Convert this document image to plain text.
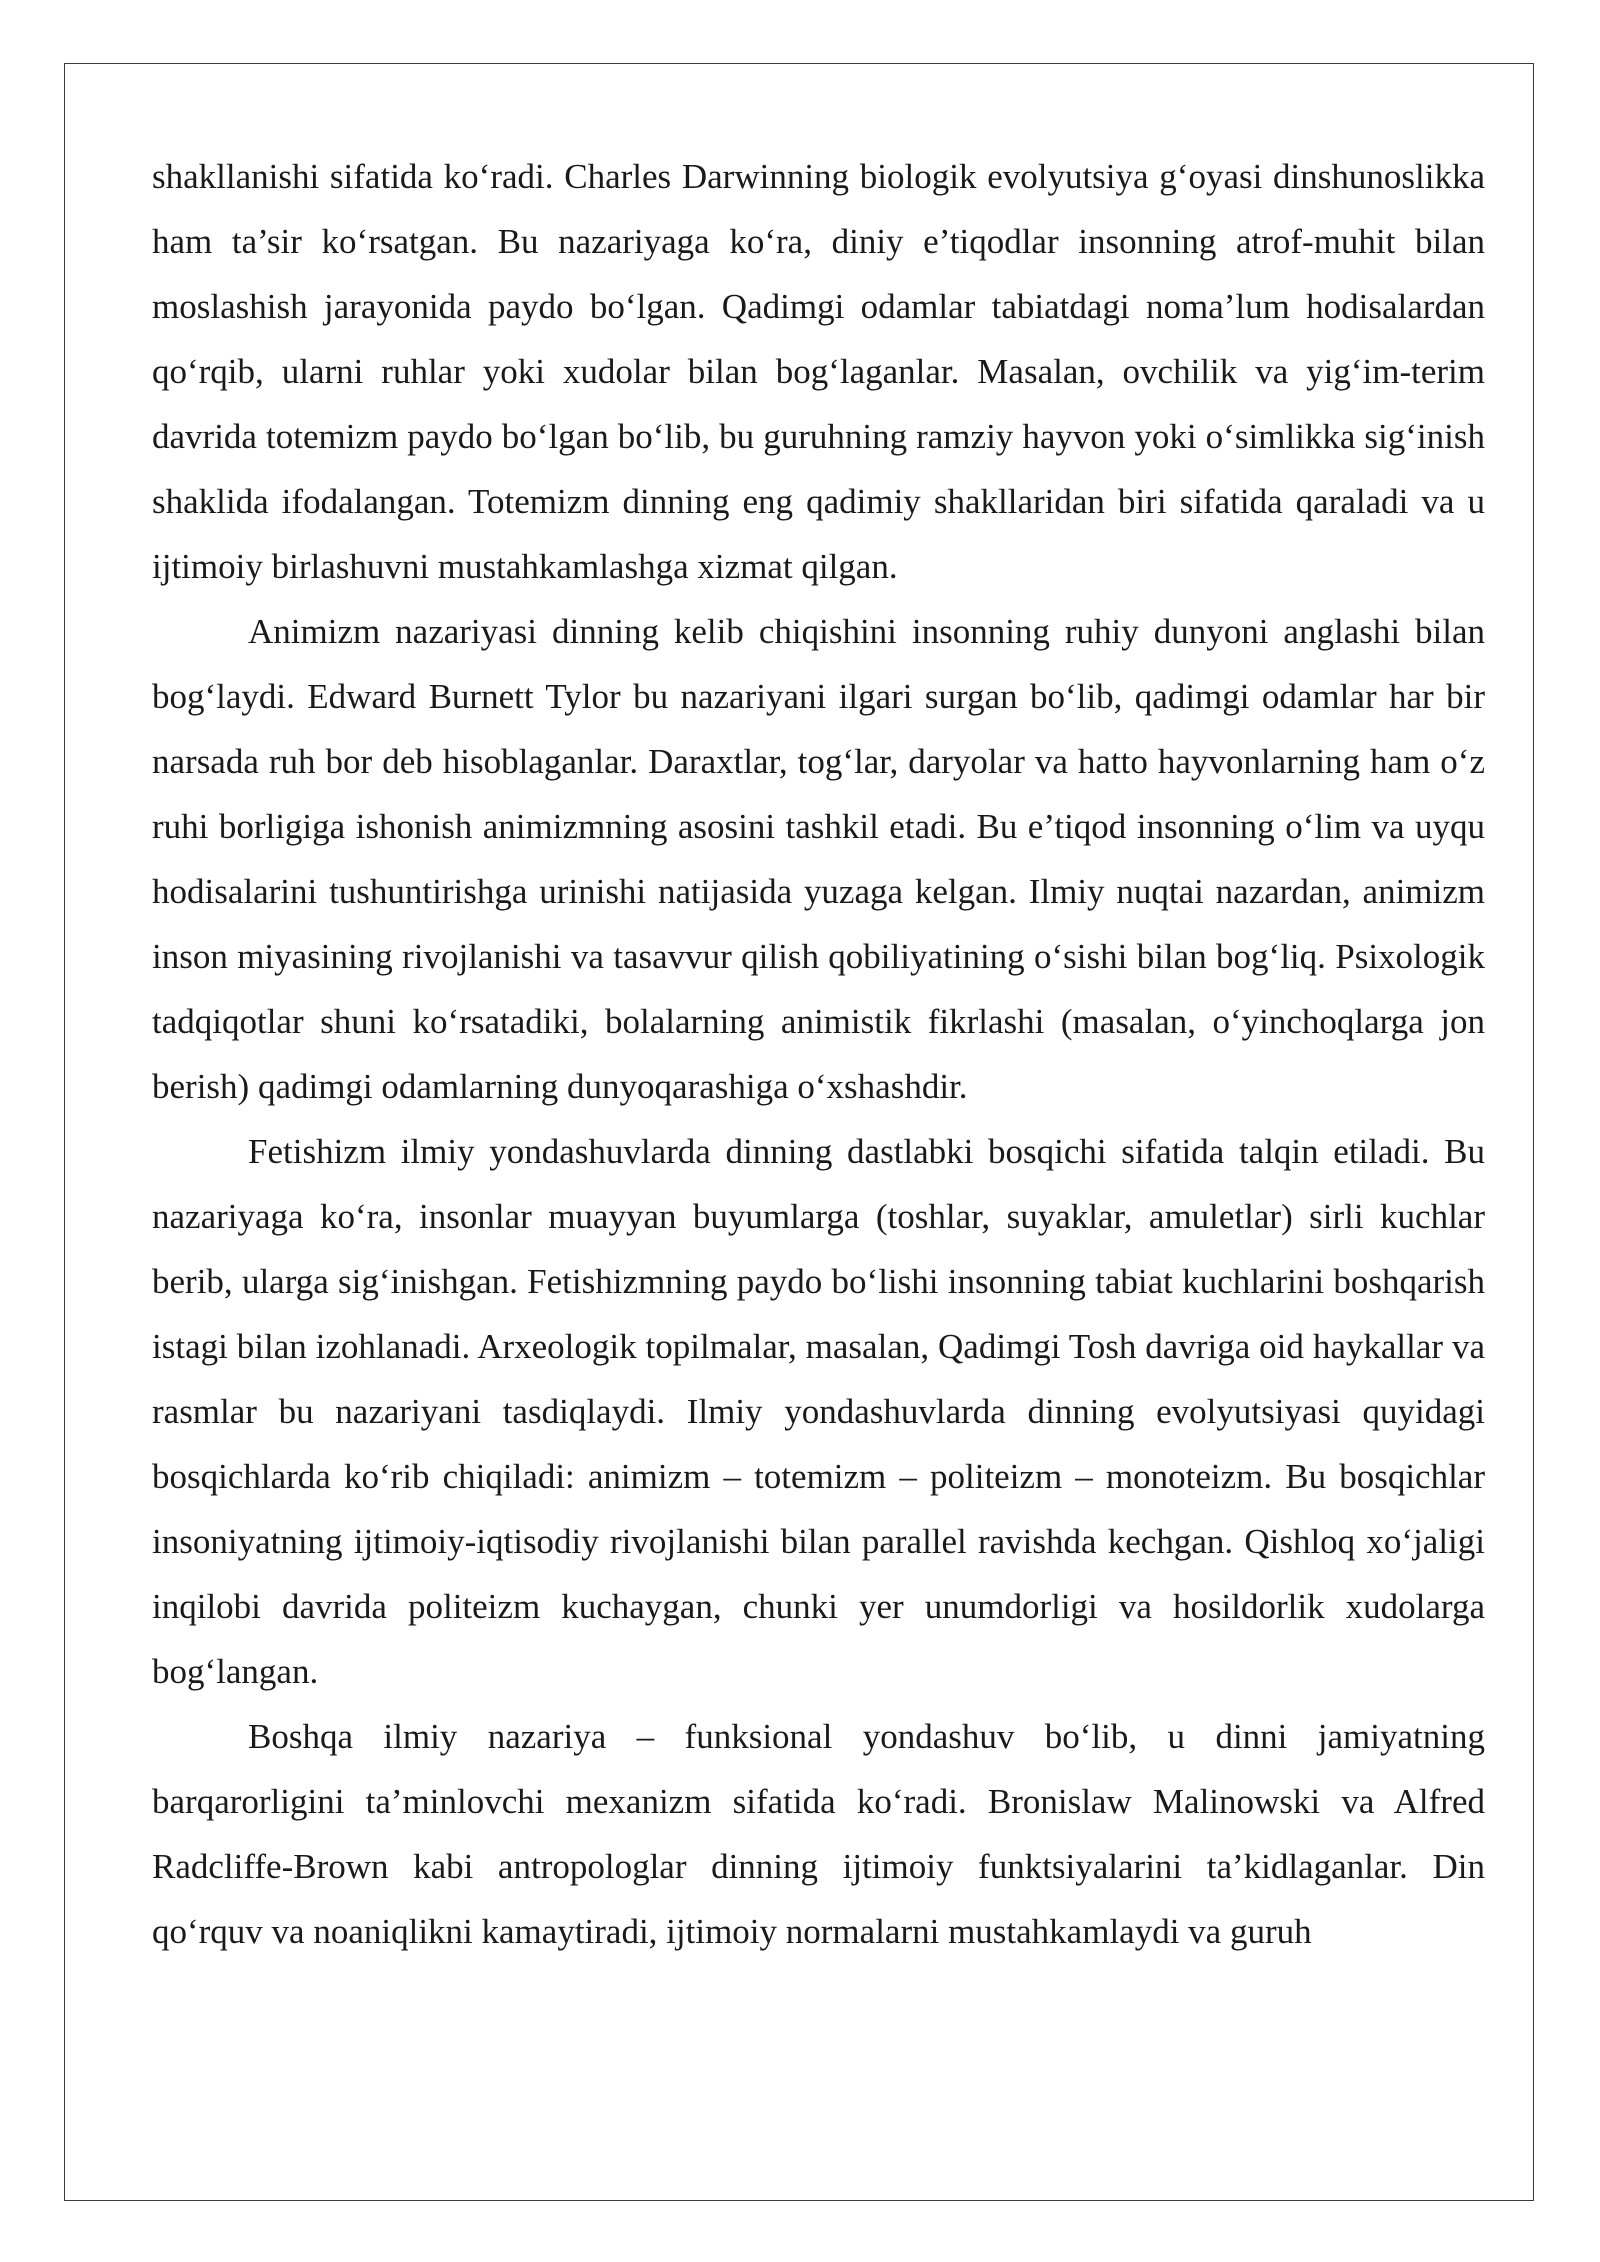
shakllanishi sifatida ko‘radi. Charles Darwinning biologik evolyutsiya g‘oyasi dinshunoslikka ham ta’sir ko‘rsatgan. Bu nazariyaga ko‘ra, diniy e’tiqodlar insonning atrof-muhit bilan moslashish jarayonida paydo bo‘lgan. Qadimgi odamlar tabiatdagi noma’lum hodisalardan qo‘rqib, ularni ruhlar yoki xudolar bilan bog‘laganlar. Masalan, ovchilik va yig‘im-terim davrida totemizm paydo bo‘lgan bo‘lib, bu guruhning ramziy hayvon yoki o‘simlikka sig‘inish shaklida ifodalangan. Totemizm dinning eng qadimiy shakllaridan biri sifatida qaraladi va u ijtimoiy birlashuvni mustahkamlashga xizmat qilgan.

Animizm nazariyasi dinning kelib chiqishini insonning ruhiy dunyoni anglashi bilan bog‘laydi. Edward Burnett Tylor bu nazariyani ilgari surgan bo‘lib, qadimgi odamlar har bir narsada ruh bor deb hisoblaganlar. Daraxtlar, tog‘lar, daryolar va hatto hayvonlarning ham o‘z ruhi borligiga ishonish animizmning asosini tashkil etadi. Bu e’tiqod insonning o‘lim va uyqu hodisalarini tushuntirishga urinishi natijasida yuzaga kelgan. Ilmiy nuqtai nazardan, animizm inson miyasining rivojlanishi va tasavvur qilish qobiliyatining o‘sishi bilan bog‘liq. Psixologik tadqiqotlar shuni ko‘rsatadiki, bolalarning animistik fikrlashi (masalan, o‘yinchoqlarga jon berish) qadimgi odamlarning dunyoqarashiga o‘xshashdir.

Fetishizm ilmiy yondashuvlarda dinning dastlabki bosqichi sifatida talqin etiladi. Bu nazariyaga ko‘ra, insonlar muayyan buyumlarga (toshlar, suyaklar, amuletlar) sirli kuchlar berib, ularga sig‘inishgan. Fetishizmning paydo bo‘lishi insonning tabiat kuchlarini boshqarish istagi bilan izohlanadi. Arxeologik topilmalar, masalan, Qadimgi Tosh davriga oid haykallar va rasmlar bu nazariyani tasdiqlaydi. Ilmiy yondashuvlarda dinning evolyutsiyasi quyidagi bosqichlarda ko‘rib chiqiladi: animizm – totemizm – politeizm – monoteizm. Bu bosqichlar insoniyatning ijtimoiy-iqtisodiy rivojlanishi bilan parallel ravishda kechgan. Qishloq xo‘jaligi inqilobi davrida politeizm kuchaygan, chunki yer unumdorligi va hosildorlik xudolarga bog‘langan.

Boshqa ilmiy nazariya – funksional yondashuv bo‘lib, u dinni jamiyatning barqarorligini ta’minlovchi mexanizm sifatida ko‘radi. Bronislaw Malinowski va Alfred Radcliffe-Brown kabi antropologlar dinning ijtimoiy funktsiyalarini ta’kidlaganlar. Din qo‘rquv va noaniqlikni kamaytiradi, ijtimoiy normalarni mustahkamlaydi va guruh
